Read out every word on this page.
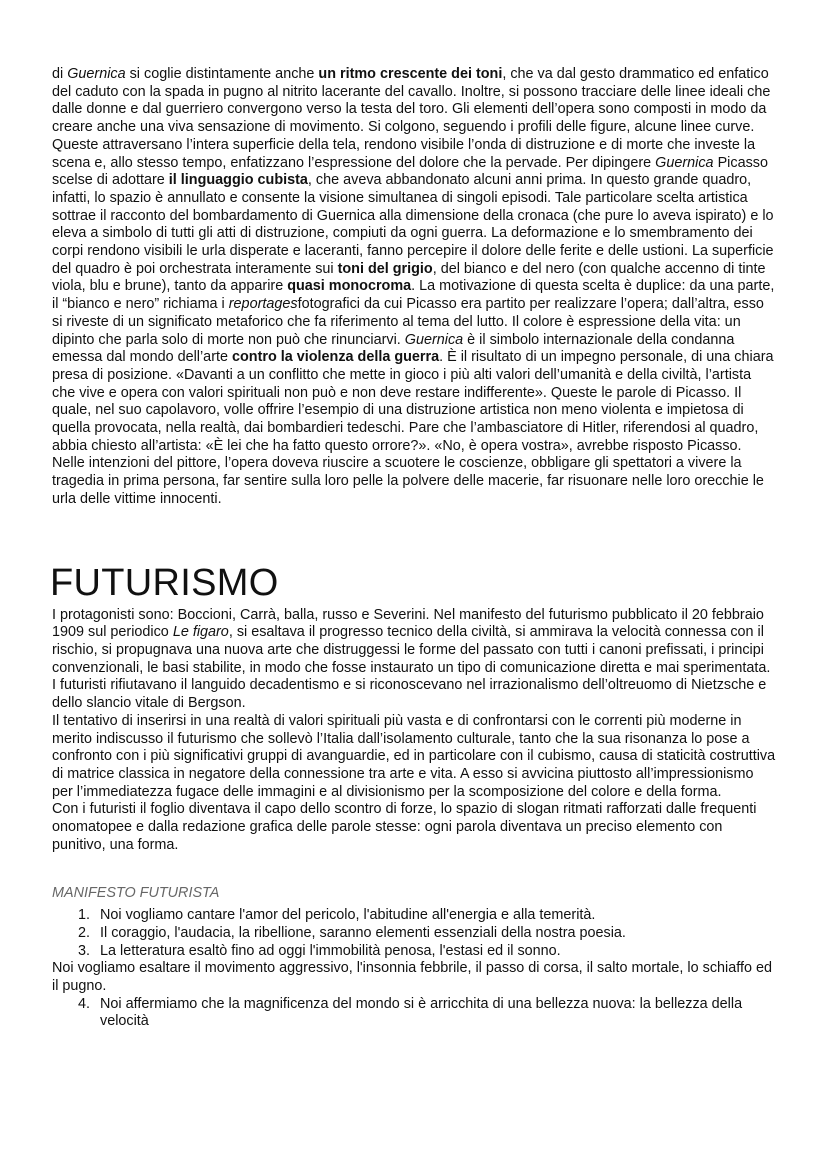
di Guernica si coglie distintamente anche un ritmo crescente dei toni, che va dal gesto drammatico ed enfatico del caduto con la spada in pugno al nitrito lacerante del cavallo. Inoltre, si possono tracciare delle linee ideali che dalle donne e dal guerriero convergono verso la testa del toro. Gli elementi dell’opera sono composti in modo da creare anche una viva sensazione di movimento. Si colgono, seguendo i profili delle figure, alcune linee curve. Queste attraversano l’intera superficie della tela, rendono visibile l’onda di distruzione e di morte che investe la scena e, allo stesso tempo, enfatizzano l’espressione del dolore che la pervade. Per dipingere Guernica Picasso scelse di adottare il linguaggio cubista, che aveva abbandonato alcuni anni prima. In questo grande quadro, infatti, lo spazio è annullato e consente la visione simultanea di singoli episodi. Tale particolare scelta artistica sottrae il racconto del bombardamento di Guernica alla dimensione della cronaca (che pure lo aveva ispirato) e lo eleva a simbolo di tutti gli atti di distruzione, compiuti da ogni guerra. La deformazione e lo smembramento dei corpi rendono visibili le urla disperate e laceranti, fanno percepire il dolore delle ferite e delle ustioni. La superficie del quadro è poi orchestrata interamente sui toni del grigio, del bianco e del nero (con qualche accenno di tinte viola, blu e brune), tanto da apparire quasi monocroma. La motivazione di questa scelta è duplice: da una parte, il “bianco e nero” richiama i reportagesfotografici da cui Picasso era partito per realizzare l’opera; dall’altra, esso si riveste di un significato metaforico che fa riferimento al tema del lutto. Il colore è espressione della vita: un dipinto che parla solo di morte non può che rinunciarvi. Guernica è il simbolo internazionale della condanna emessa dal mondo dell’arte contro la violenza della guerra. È il risultato di un impegno personale, di una chiara presa di posizione. «Davanti a un conflitto che mette in gioco i più alti valori dell’umanità e della civiltà, l’artista che vive e opera con valori spirituali non può e non deve restare indifferente». Queste le parole di Picasso. Il quale, nel suo capolavoro, volle offrire l’esempio di una distruzione artistica non meno violenta e impietosa di quella provocata, nella realtà, dai bombardieri tedeschi. Pare che l’ambasciatore di Hitler, riferendosi al quadro, abbia chiesto all’artista: «È lei che ha fatto questo orrore?». «No, è opera vostra», avrebbe risposto Picasso. Nelle intenzioni del pittore, l’opera doveva riuscire a scuotere le coscienze, obbligare gli spettatori a vivere la tragedia in prima persona, far sentire sulla loro pelle la polvere delle macerie, far risuonare nelle loro orecchie le urla delle vittime innocenti.

FUTURISMO

I protagonisti sono: Boccioni, Carrà, balla, russo e Severini. Nel manifesto del futurismo pubblicato il 20 febbraio 1909 sul periodico Le figaro, si esaltava il progresso tecnico della civiltà, si ammirava la velocità connessa con il rischio, si propugnava una nuova arte che distruggessi le forme del passato con tutti i canoni prefissati, i principi convenzionali, le basi stabilite, in modo che fosse instaurato un tipo di comunicazione diretta e mai sperimentata.

I futuristi rifiutavano il languido decadentismo e si riconoscevano nel irrazionalismo dell’oltreuomo di Nietzsche e dello slancio vitale di Bergson.

Il tentativo di inserirsi in una realtà di valori spirituali più vasta e di confrontarsi con le correnti più moderne in merito indiscusso il futurismo che sollevò l’Italia dall’isolamento culturale, tanto che la sua risonanza lo pose a confronto con i più significativi gruppi di avanguardie, ed in particolare con il cubismo, causa di staticità costruttiva di matrice classica in negatore della connessione tra arte e vita. A esso si avvicina piuttosto all’impressionismo per l’immediatezza fugace delle immagini e al divisionismo per la scomposizione del colore e della forma.

Con i futuristi il foglio diventava il capo dello scontro di forze, lo spazio di slogan ritmati rafforzati dalle frequenti onomatopee e dalla redazione grafica delle parole stesse: ogni parola diventava un preciso elemento con punitivo, una forma.

MANIFESTO FUTURISTA

1. Noi vogliamo cantare l'amor del pericolo, l'abitudine all'energia e alla temerità.
2. Il coraggio, l'audacia, la ribellione, saranno elementi essenziali della nostra poesia.
3. La letteratura esaltò fino ad oggi l'immobilità penosa, l'estasi ed il sonno.

Noi vogliamo esaltare il movimento aggressivo, l'insonnia febbrile, il passo di corsa, il salto mortale, lo schiaffo ed il pugno.

4. Noi affermiamo che la magnificenza del mondo si è arricchita di una bellezza nuova: la bellezza della velocità
